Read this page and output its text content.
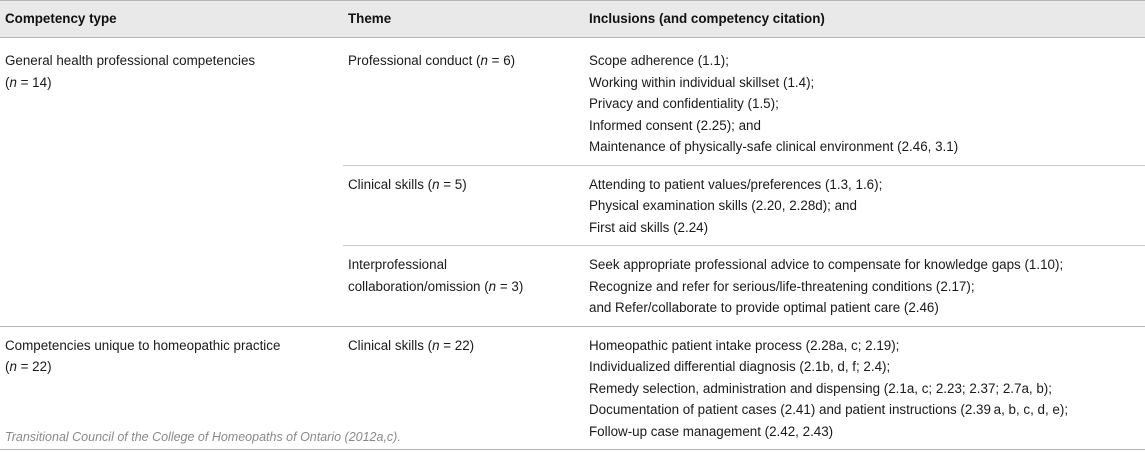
Competency type	Theme	Inclusions (and competency citation)

General health professional competencies
(n = 14)	Professional conduct (n = 6)	Scope adherence (1.1);
Working within individual skillset (1.4);
Privacy and confidentiality (1.5);
Informed consent (2.25); and
Maintenance of physically-safe clinical environment (2.46, 3.1)

	Clinical skills (n = 5)	Attending to patient values/preferences (1.3, 1.6);
Physical examination skills (2.20, 2.28d); and
First aid skills (2.24)

	Interprofessional
collaboration/omission (n = 3)	Seek appropriate professional advice to compensate for knowledge gaps (1.10);
Recognize and refer for serious/life-threatening conditions (2.17);
and Refer/collaborate to provide optimal patient care (2.46)

Competencies unique to homeopathic practice
(n = 22)	Clinical skills (n = 22)	Homeopathic patient intake process (2.28a, c; 2.19);
Individualized differential diagnosis (2.1b, d, f; 2.4);
Remedy selection, administration and dispensing (2.1a, c; 2.23; 2.37; 2.7a, b);
Documentation of patient cases (2.41) and patient instructions (2.39 a, b, c, d, e);
Follow-up case management (2.42, 2.43)
Transitional Council of the College of Homeopaths of Ontario (2012a,c).
